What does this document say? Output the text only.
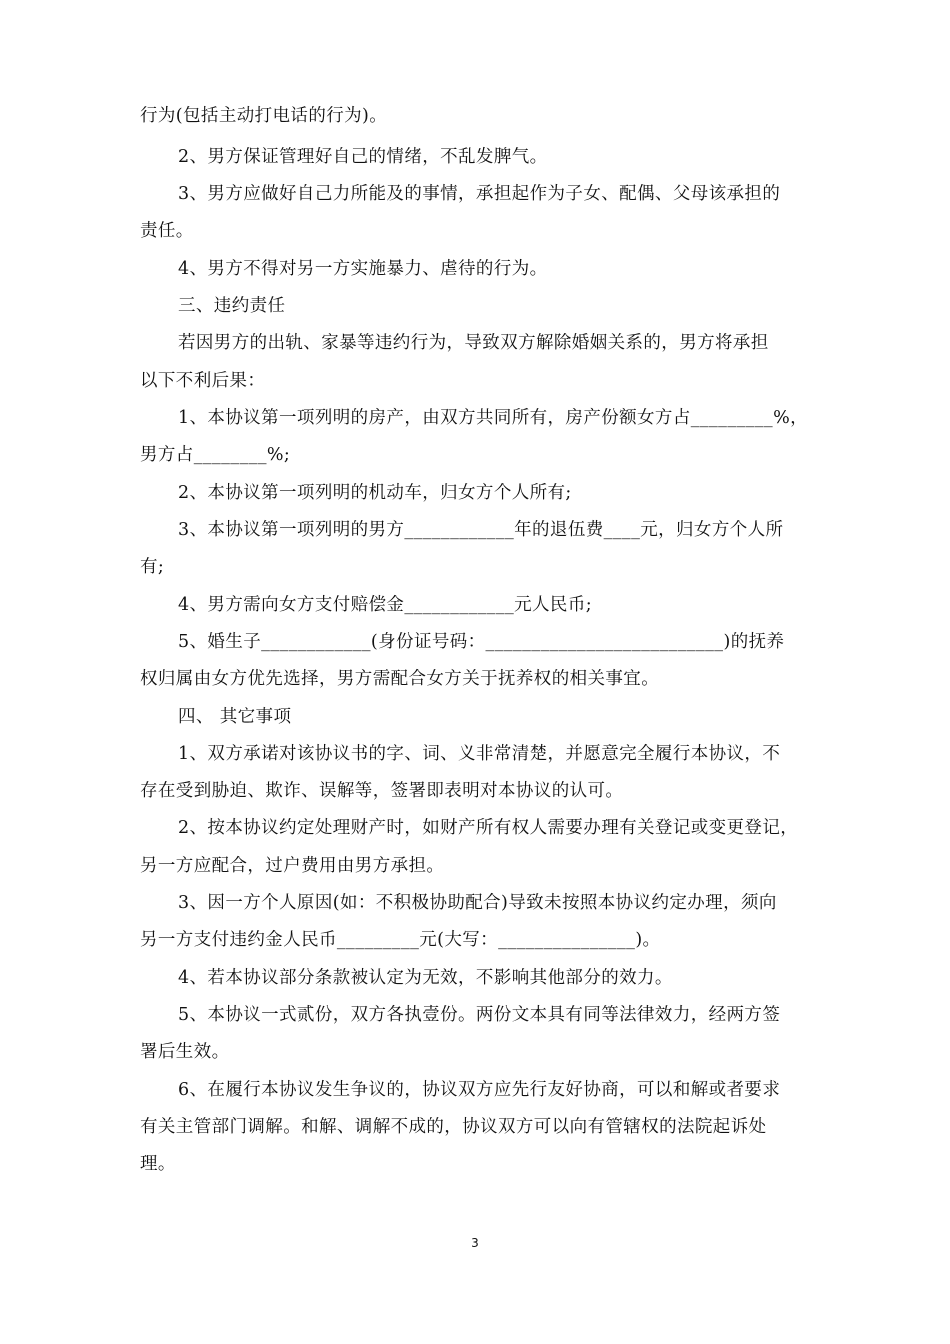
行为(包括主动打电话的行为)。
2、男方保证管理好自己的情绪，不乱发脾气。
3、男方应做好自己力所能及的事情，承担起作为子女、配偶、父母该承担的
责任。
4、男方不得对另一方实施暴力、虐待的行为。
三、违约责任
若因男方的出轨、家暴等违约行为，导致双方解除婚姻关系的，男方将承担
以下不利后果：
1、本协议第一项列明的房产，由双方共同所有，房产份额女方占_________%，
男方占________%;
2、本协议第一项列明的机动车，归女方个人所有;
3、本协议第一项列明的男方____________年的退伍费____元，归女方个人所
有;
4、男方需向女方支付赔偿金____________元人民币;
5、婚生子____________(身份证号码：__________________________)的抚养
权归属由女方优先选择，男方需配合女方关于抚养权的相关事宜。
四、 其它事项
1、双方承诺对该协议书的字、词、义非常清楚，并愿意完全履行本协议，不
存在受到胁迫、欺诈、误解等，签署即表明对本协议的认可。
2、按本协议约定处理财产时，如财产所有权人需要办理有关登记或变更登记，
另一方应配合，过户费用由男方承担。
3、因一方个人原因(如：不积极协助配合)导致未按照本协议约定办理，须向
另一方支付违约金人民币_________元(大写：_______________)。
4、若本协议部分条款被认定为无效，不影响其他部分的效力。
5、本协议一式贰份，双方各执壹份。两份文本具有同等法律效力，经两方签
署后生效。
6、在履行本协议发生争议的，协议双方应先行友好协商，可以和解或者要求
有关主管部门调解。和解、调解不成的，协议双方可以向有管辖权的法院起诉处
理。
3
